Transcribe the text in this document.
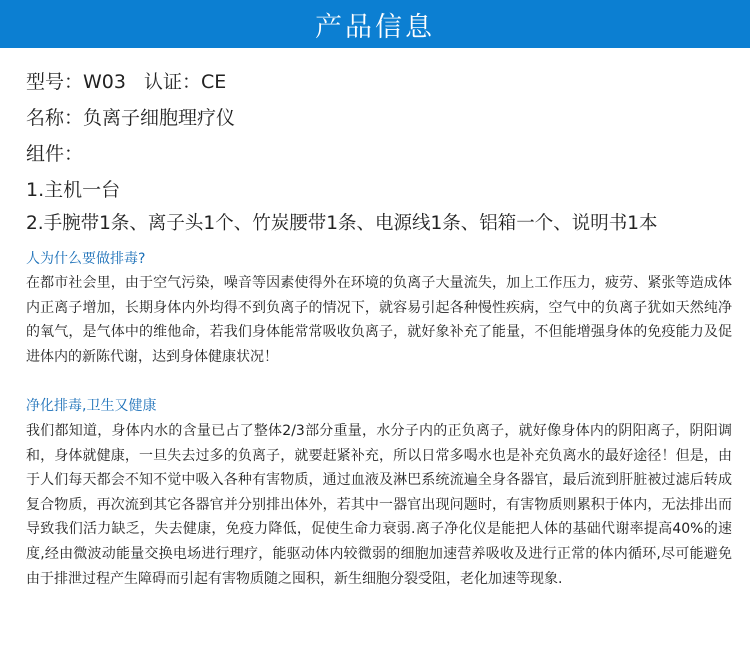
产品信息
型号：W03 认证：CE
名称：负离子细胞理疗仪
组件：
1.主机一台
2.手腕带1条、离子头1个、竹炭腰带1条、电源线1条、铝箱一个、说明书1本
人为什么要做排毒?

在都市社会里，由于空气污染，噪音等因素使得外在环境的负离子大量流失，加上工作压力，疲劳、紧张等造成体内正离子增加，长期身体内外均得不到负离子的情况下，就容易引起各种慢性疾病，空气中的负离子犹如天然纯净的氧气，是气体中的维他命，若我们身体能常常吸收负离子，就好象补充了能量，不但能增强身体的免疫能力及促进体内的新陈代谢，达到身体健康状况！

净化排毒,卫生又健康

我们都知道，身体内水的含量已占了整体2/3部分重量，水分子内的正负离子，就好像身体内的阴阳离子，阴阳调和，身体就健康，一旦失去过多的负离子，就要赶紧补充，所以日常多喝水也是补充负离水的最好途径！但是，由于人们每天都会不知不觉中吸入各种有害物质，通过血液及淋巴系统流遍全身各器官，最后流到肝脏被过滤后转成复合物质，再次流到其它各器官并分别排出体外，若其中一器官出现问题时，有害物质则累积于体内，无法排出而导致我们活力缺乏，失去健康，免疫力降低，促使生命力衰弱.离子净化仪是能把人体的基础代谢率提高40%的速度,经由微波动能量交换电场进行理疗，能驱动体内较微弱的细胞加速营养吸收及进行正常的体内循环,尽可能避免由于排泄过程产生障碍而引起有害物质随之囤积，新生细胞分裂受阻，老化加速等现象.
